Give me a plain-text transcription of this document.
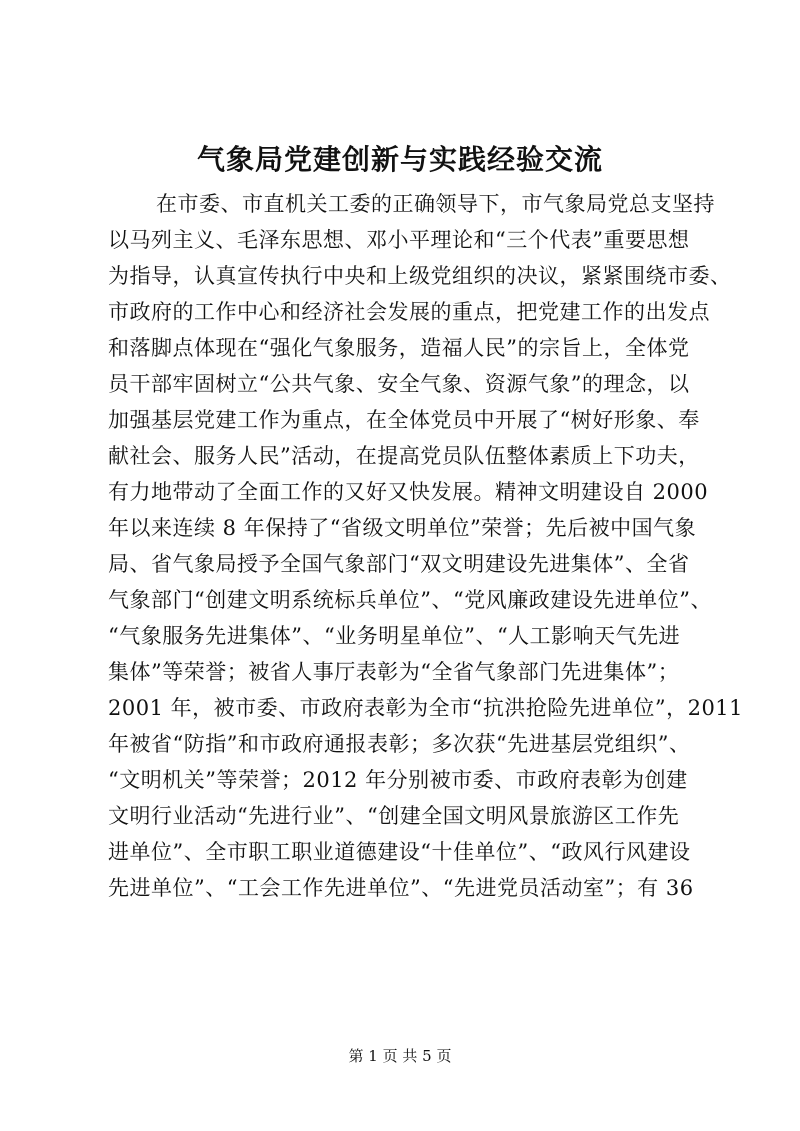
气象局党建创新与实践经验交流
在市委、市直机关工委的正确领导下，市气象局党总支坚持
以马列主义、毛泽东思想、邓小平理论和“三个代表”重要思想
为指导，认真宣传执行中央和上级党组织的决议，紧紧围绕市委、
市政府的工作中心和经济社会发展的重点，把党建工作的出发点
和落脚点体现在“强化气象服务，造福人民”的宗旨上，全体党
员干部牢固树立“公共气象、安全气象、资源气象”的理念，以
加强基层党建工作为重点，在全体党员中开展了“树好形象、奉
献社会、服务人民”活动，在提高党员队伍整体素质上下功夫，
有力地带动了全面工作的又好又快发展。精神文明建设自 2000
年以来连续 8 年保持了“省级文明单位”荣誉；先后被中国气象
局、省气象局授予全国气象部门“双文明建设先进集体”、全省
气象部门“创建文明系统标兵单位”、“党风廉政建设先进单位”、
“气象服务先进集体”、“业务明星单位”、“人工影响天气先进
集体”等荣誉；被省人事厅表彰为“全省气象部门先进集体”；
2001 年，被市委、市政府表彰为全市“抗洪抢险先进单位”，2011
年被省“防指”和市政府通报表彰；多次获“先进基层党组织”、
“文明机关”等荣誉；2012 年分别被市委、市政府表彰为创建
文明行业活动“先进行业”、“创建全国文明风景旅游区工作先
进单位”、全市职工职业道德建设“十佳单位”、“政风行风建设
先进单位”、“工会工作先进单位”、“先进党员活动室”；有 36
第 1 页 共 5 页
